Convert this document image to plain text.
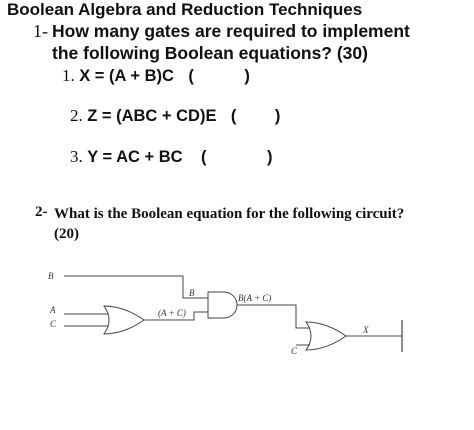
Boolean Algebra and Reduction Techniques
1- How many gates are required to implement
the following Boolean equations? (30)
1. X = (A + B)C (	)
2. Z = (ABC + CD)E ( )
3. Y = AC + BC (	)
2- What is the Boolean equation for the following circuit?
(20)
B
A
C
(A + C)
B	B(A + C)
C
X
